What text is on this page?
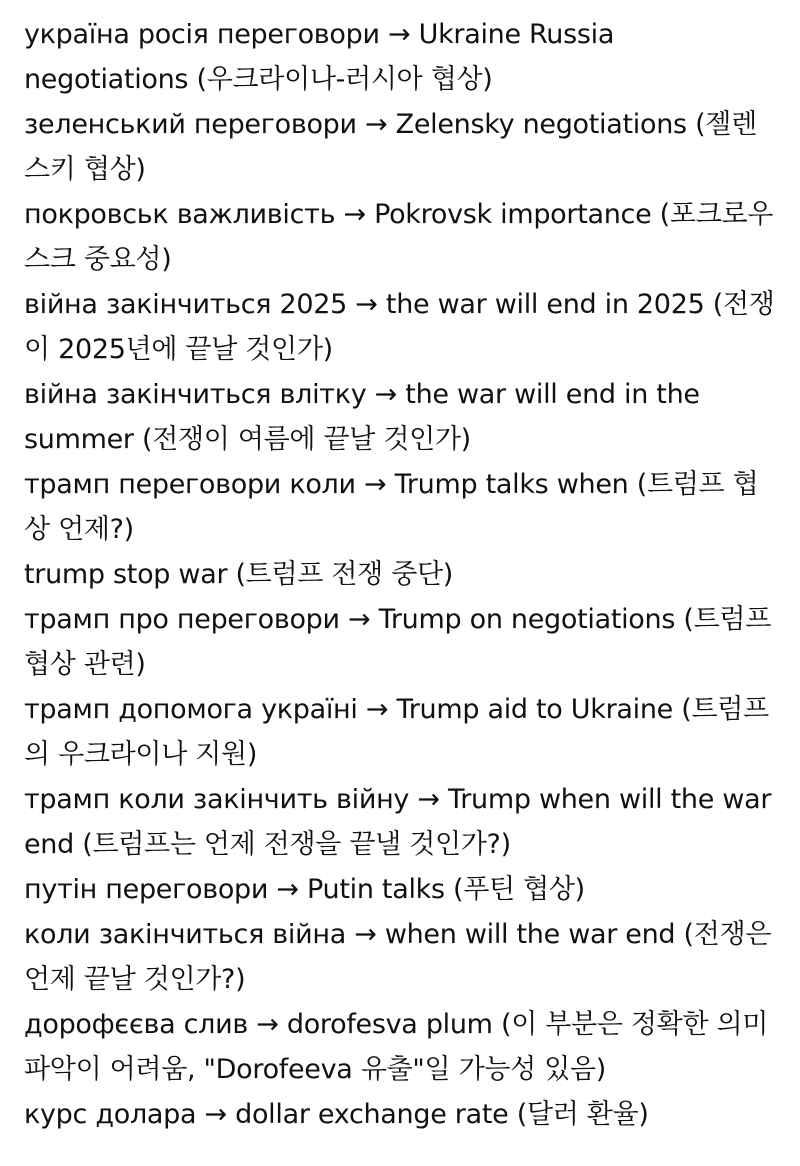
україна росія переговори → Ukraine Russia negotiations (우크라이나-러시아 협상)
зеленський переговори → Zelensky negotiations (젤렌스키 협상)
покровськ важливість → Pokrovsk importance (포크로우스크 중요성)
війна закінчиться 2025 → the war will end in 2025 (전쟁이 2025년에 끝날 것인가)
війна закінчиться влітку → the war will end in the summer (전쟁이 여름에 끝날 것인가)
трамп переговори коли → Trump talks when (트럼프 협상 언제?)
trump stop war (트럼프 전쟁 중단)
трамп про переговори → Trump on negotiations (트럼프 협상 관련)
трамп допомога україні → Trump aid to Ukraine (트럼프의 우크라이나 지원)
трамп коли закінчить війну → Trump when will the war end (트럼프는 언제 전쟁을 끝낼 것인가?)
путін переговори → Putin talks (푸틴 협상)
коли закінчиться війна → when will the war end (전쟁은 언제 끝날 것인가?)
дорофєєва слив → dorofesva plum (이 부분은 정확한 의미 파악이 어려움, "Dorofeeva 유출"일 가능성 있음)
курс долара → dollar exchange rate (달러 환율)
